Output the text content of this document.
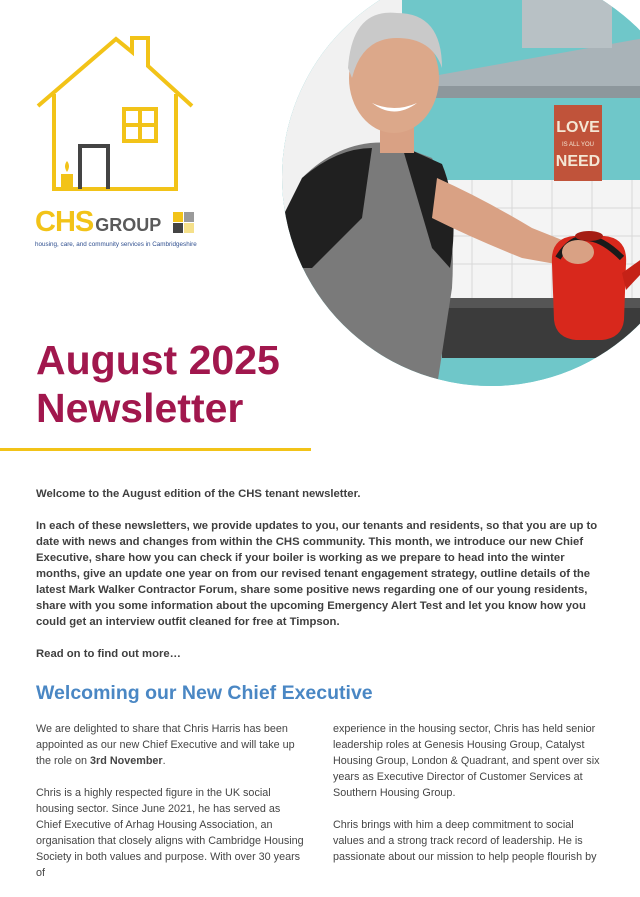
CHS GROUP
housing, care, and community services in Cambridgeshire
LOVE
IS ALL YOU
NEED
August 2025
Newsletter

Welcome to the August edition of the CHS tenant newsletter.

In each of these newsletters, we provide updates to you, our tenants and residents, so that you are up to date with news and changes from within the CHS community. This month, we introduce our new Chief Executive, share how you can check if your boiler is working as we prepare to head into the winter months, give an update one year on from our revised tenant engagement strategy, outline details of the latest Mark Walker Contractor Forum, share some positive news regarding one of our young residents, share with you some information about the upcoming Emergency Alert Test and let you know how you could get an interview outfit cleaned for free at Timpson.

Read on to find out more…

Welcoming our New Chief Executive

We are delighted to share that Chris Harris has been appointed as our new Chief Executive and will take up the role on 3rd November.

Chris is a highly respected figure in the UK social housing sector. Since June 2021, he has served as Chief Executive of Arhag Housing Association, an organisation that closely aligns with Cambridge Housing Society in both values and purpose. With over 30 years of

experience in the housing sector, Chris has held senior leadership roles at Genesis Housing Group, Catalyst Housing Group, London & Quadrant, and spent over six years as Executive Director of Customer Services at Southern Housing Group.

Chris brings with him a deep commitment to social values and a strong track record of leadership. He is passionate about our mission to help people flourish by
